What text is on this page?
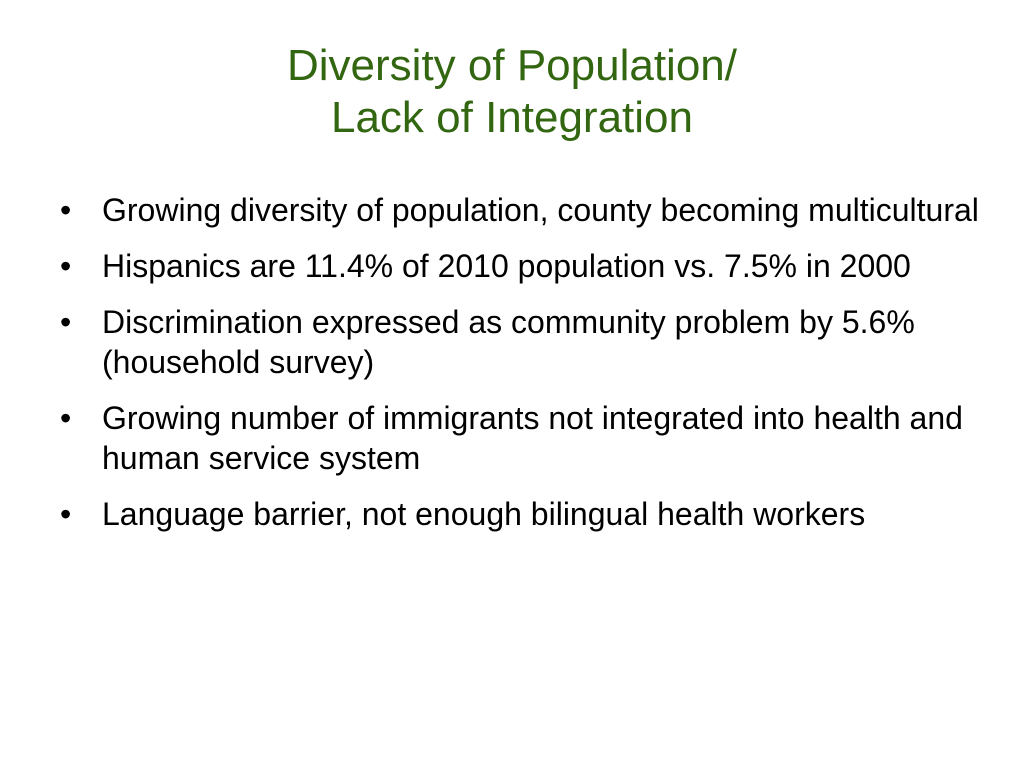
Diversity of Population/
Lack of Integration
• Growing diversity of population, county becoming multicultural
• Hispanics are 11.4% of 2010 population vs. 7.5% in 2000
• Discrimination expressed as community problem by 5.6% (household survey)
• Growing number of immigrants not integrated into health and human service system
• Language barrier, not enough bilingual health workers
